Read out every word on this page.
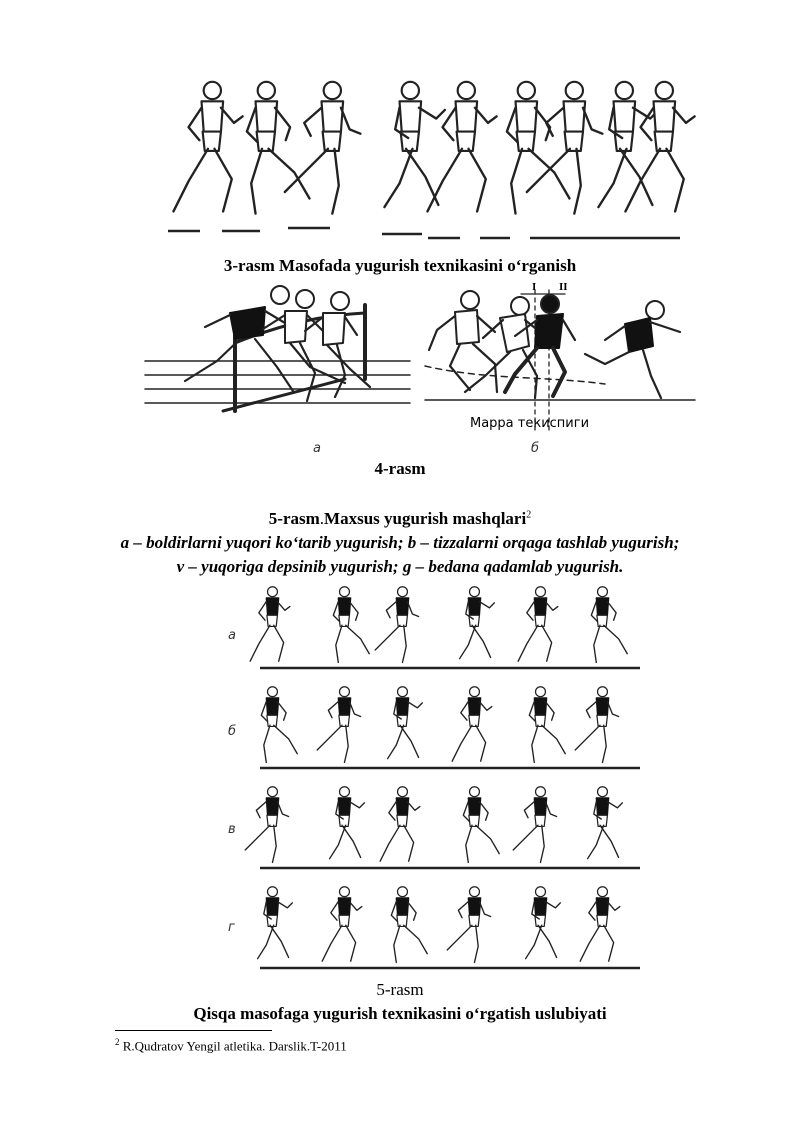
3-rasm Masofada yugurish texnikasini o‘rganish
a
I II
Марра текиспиги
б
4-rasm
5-rasm.Maxsus yugurish mashqlari$^2$
a – boldirlarni yuqori ko‘tarib yugurish; b – tizzalarni orqaga tashlab yugurish;
v – yuqoriga depsinib yugurish; g – bedana qadamlab yugurish.
a
б
в
г
5-rasm
Qisqa masofaga yugurish texnikasini o‘rgatish uslubiyati
$^2$ R.Qudratov Yengil atletika. Darslik.T-2011
